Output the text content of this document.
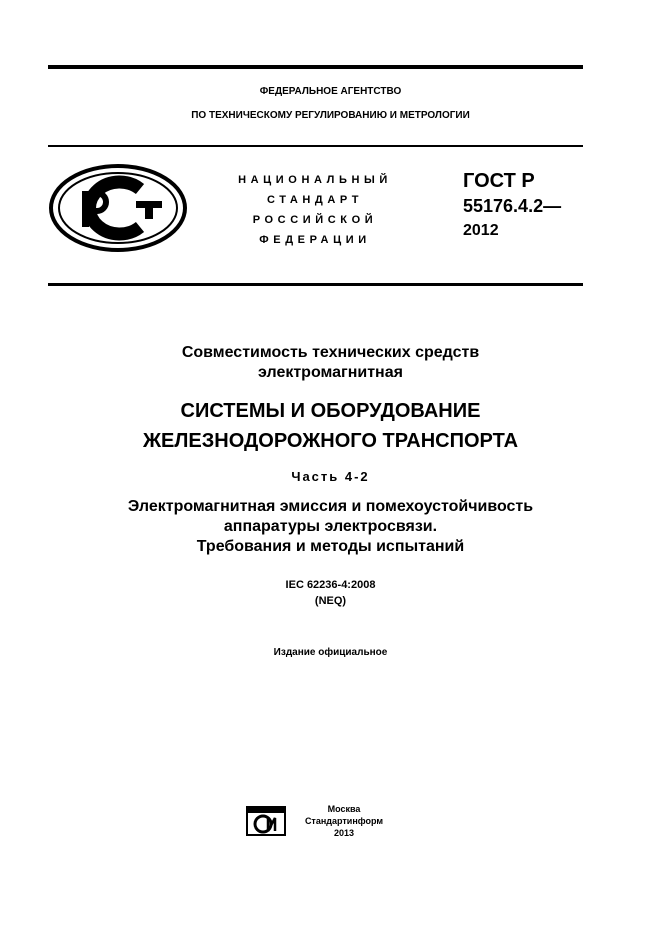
ФЕДЕРАЛЬНОЕ АГЕНТСТВО
ПО ТЕХНИЧЕСКОМУ РЕГУЛИРОВАНИЮ И МЕТРОЛОГИИ
НАЦИОНАЛЬНЫЙ
СТАНДАРТ
РОССИЙСКОЙ
ФЕДЕРАЦИИ
ГОСТ Р
55176.4.2—
2012
Совместимость технических средств
электромагнитная
СИСТЕМЫ И ОБОРУДОВАНИЕ
ЖЕЛЕЗНОДОРОЖНОГО ТРАНСПОРТА
Часть 4-2
Электромагнитная эмиссия и помехоустойчивость
аппаратуры электросвязи.
Требования и методы испытаний
IEC 62236-4:2008
(NEQ)
Издание официальное
Москва
Стандартинформ
2013
